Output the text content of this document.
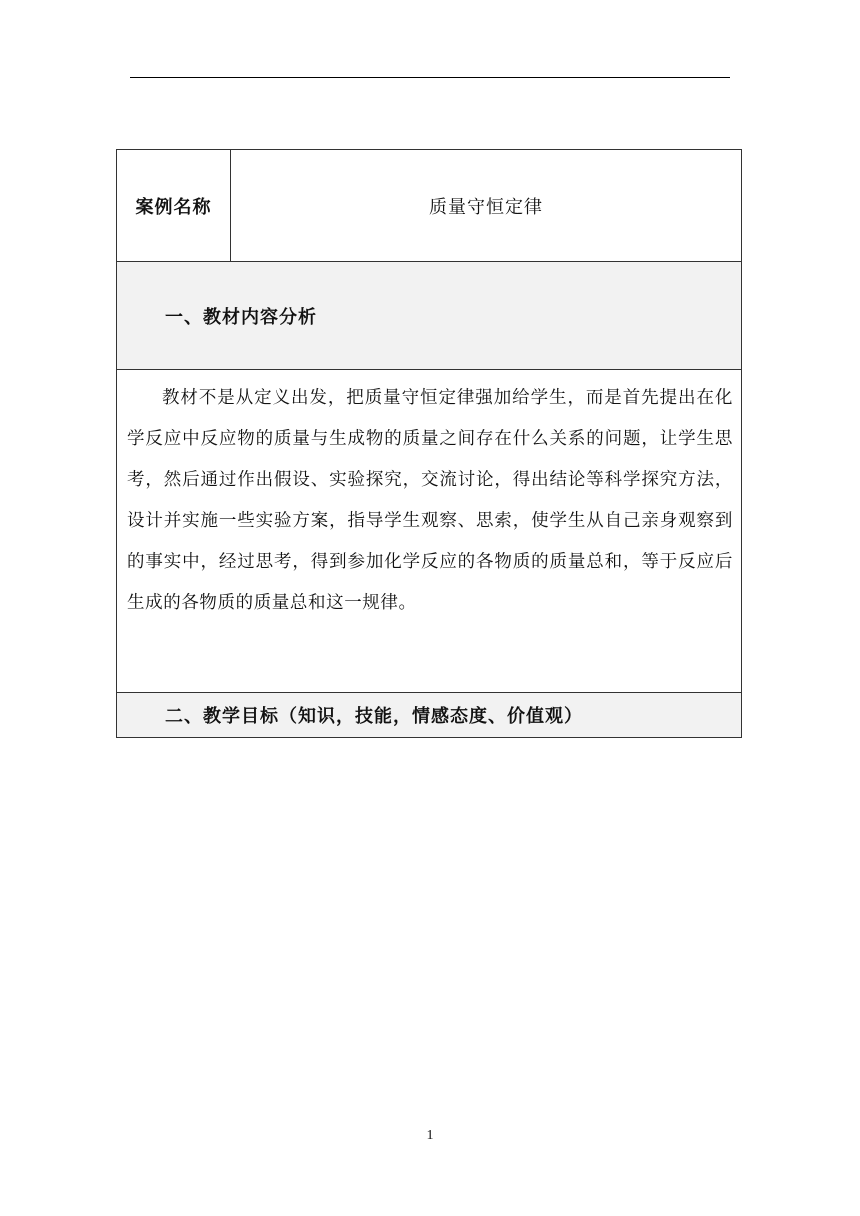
案例名称	质量守恒定律
一、教材内容分析

教材不是从定义出发，把质量守恒定律强加给学生，而是首先提出在化学反应中反应物的质量与生成物的质量之间存在什么关系的问题，让学生思考，然后通过作出假设、实验探究，交流讨论，得出结论等科学探究方法，设计并实施一些实验方案，指导学生观察、思索，使学生从自己亲身观察到的事实中，经过思考，得到参加化学反应的各物质的质量总和，等于反应后生成的各物质的质量总和这一规律。

二、教学目标（知识，技能，情感态度、价值观）
1
